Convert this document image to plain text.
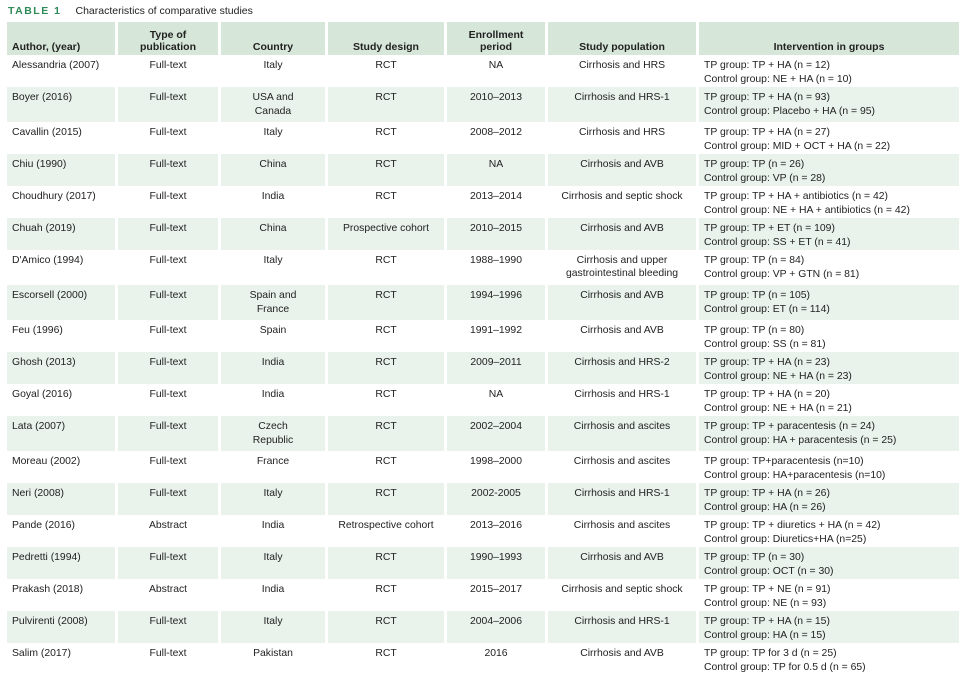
TABLE 1 Characteristics of comparative studies
Author, (year)	Type of publication	Country	Study design	Enrollment period	Study population	Intervention in groups
Alessandria (2007)	Full-text	Italy	RCT	NA	Cirrhosis and HRS	TP group: TP + HA (n = 12)
Control group: NE + HA (n = 10)

Boyer (2016)	Full-text	USA and Canada	RCT	2010–2013	Cirrhosis and HRS-1	TP group: TP + HA (n = 93)
Control group: Placebo + HA (n = 95)

Cavallin (2015)	Full-text	Italy	RCT	2008–2012	Cirrhosis and HRS	TP group: TP + HA (n = 27)
Control group: MID + OCT + HA (n = 22)

Chiu (1990)	Full-text	China	RCT	NA	Cirrhosis and AVB	TP group: TP (n = 26)
Control group: VP (n = 28)

Choudhury (2017)	Full-text	India	RCT	2013–2014	Cirrhosis and septic shock	TP group: TP + HA + antibiotics (n = 42)
Control group: NE + HA + antibiotics (n = 42)

Chuah (2019)	Full-text	China	Prospective cohort	2010–2015	Cirrhosis and AVB	TP group: TP + ET (n = 109)
Control group: SS + ET (n = 41)

D'Amico (1994)	Full-text	Italy	RCT	1988–1990	Cirrhosis and upper gastrointestinal bleeding	TP group: TP (n = 84)
Control group: VP + GTN (n = 81)

Escorsell (2000)	Full-text	Spain and France	RCT	1994–1996	Cirrhosis and AVB	TP group: TP (n = 105)
Control group: ET (n = 114)

Feu (1996)	Full-text	Spain	RCT	1991–1992	Cirrhosis and AVB	TP group: TP (n = 80)
Control group: SS (n = 81)

Ghosh (2013)	Full-text	India	RCT	2009–2011	Cirrhosis and HRS-2	TP group: TP + HA (n = 23)
Control group: NE + HA (n = 23)

Goyal (2016)	Full-text	India	RCT	NA	Cirrhosis and HRS-1	TP group: TP + HA (n = 20)
Control group: NE + HA (n = 21)

Lata (2007)	Full-text	Czech Republic	RCT	2002–2004	Cirrhosis and ascites	TP group: TP + paracentesis (n = 24)
Control group: HA + paracentesis (n = 25)

Moreau (2002)	Full-text	France	RCT	1998–2000	Cirrhosis and ascites	TP group: TP+paracentesis (n=10)
Control group: HA+paracentesis (n=10)

Neri (2008)	Full-text	Italy	RCT	2002-2005	Cirrhosis and HRS-1	TP group: TP + HA (n = 26)
Control group: HA (n = 26)

Pande (2016)	Abstract	India	Retrospective cohort	2013–2016	Cirrhosis and ascites	TP group: TP + diuretics + HA (n = 42)
Control group: Diuretics+HA (n=25)

Pedretti (1994)	Full-text	Italy	RCT	1990–1993	Cirrhosis and AVB	TP group: TP (n = 30)
Control group: OCT (n = 30)

Prakash (2018)	Abstract	India	RCT	2015–2017	Cirrhosis and septic shock	TP group: TP + NE (n = 91)
Control group: NE (n = 93)

Pulvirenti (2008)	Full-text	Italy	RCT	2004–2006	Cirrhosis and HRS-1	TP group: TP + HA (n = 15)
Control group: HA (n = 15)

Salim (2017)	Full-text	Pakistan	RCT	2016	Cirrhosis and AVB	TP group: TP for 3 d (n = 25)
Control group: TP for 0.5 d (n = 65)
